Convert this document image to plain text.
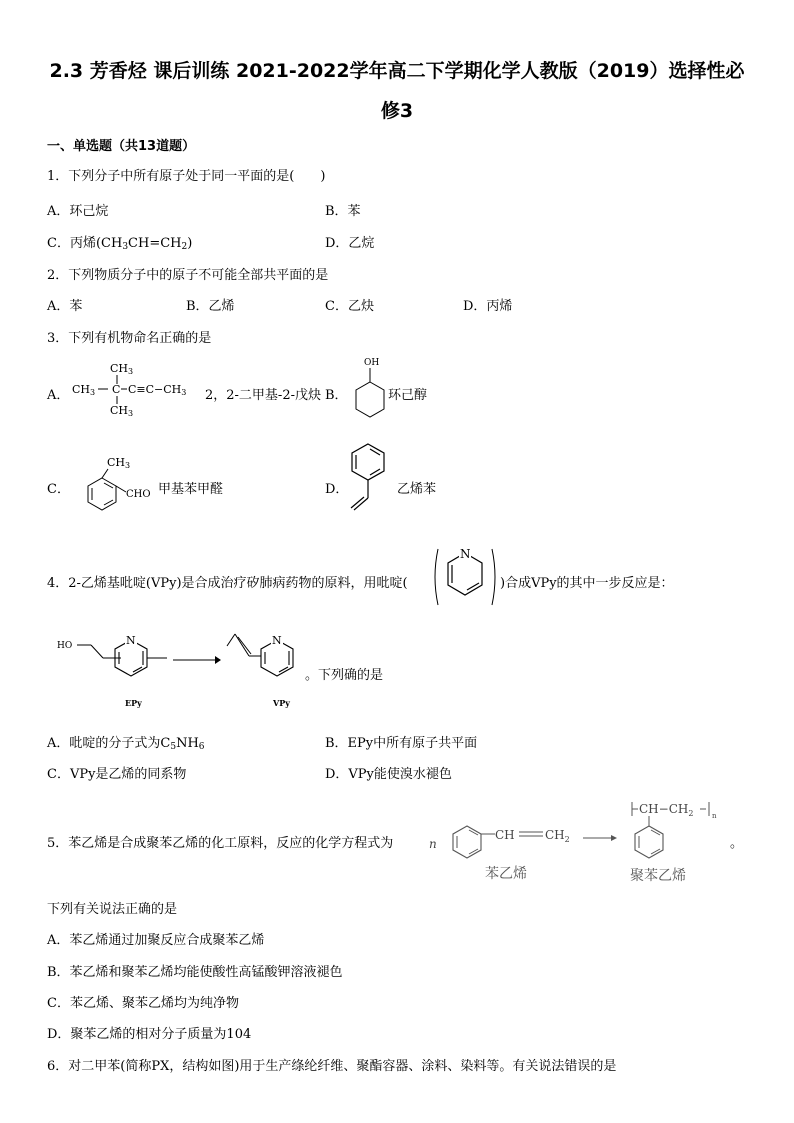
2.3 芳香烃 课后训练 2021-2022学年高二下学期化学人教版（2019）选择性必
修3
一、单选题（共13道题）
1．下列分子中所有原子处于同一平面的是(　　)
A．环己烷	B．苯
C．丙烯$(CH_3CH=CH_2)$	D．乙烷
2．下列物质分子中的原子不可能全部共平面的是
A．苯	B．乙烯	C．乙炔	D．丙烯
3．下列有机物命名正确的是
A．
CH3
CH3 C C≡C−CH3
CH3
2，2-二甲基-2-戊炔 B．
OH
环己醇
C．
CH3
CHO 甲基苯甲醛	D．	乙烯苯
4．2-乙烯基吡啶(VPy)是合成治疗矽肺病药物的原料，用吡啶(
N
)合成VPy的其中一步反应是：
HO	N
EPy
N
VPy
。下列确的是
A．吡啶的分子式为$C_5NH_6$	B．EPy中所有原子共平面
C．VPy是乙烯的同系物	D．VPy能使溴水褪色
5．苯乙烯是合成聚苯乙烯的化工原料，反应的化学方程式为	n
CH	$CH_2$
苯乙烯
$CH-CH_2$	n
聚苯乙烯
。
下列有关说法正确的是
A．苯乙烯通过加聚反应合成聚苯乙烯
B．苯乙烯和聚苯乙烯均能使酸性高锰酸钾溶液褪色
C．苯乙烯、聚苯乙烯均为纯净物
D．聚苯乙烯的相对分子质量为104
6．对二甲苯(简称PX，结构如图)用于生产绦纶纤维、聚酯容器、涂料、染料等。有关说法错误的是
